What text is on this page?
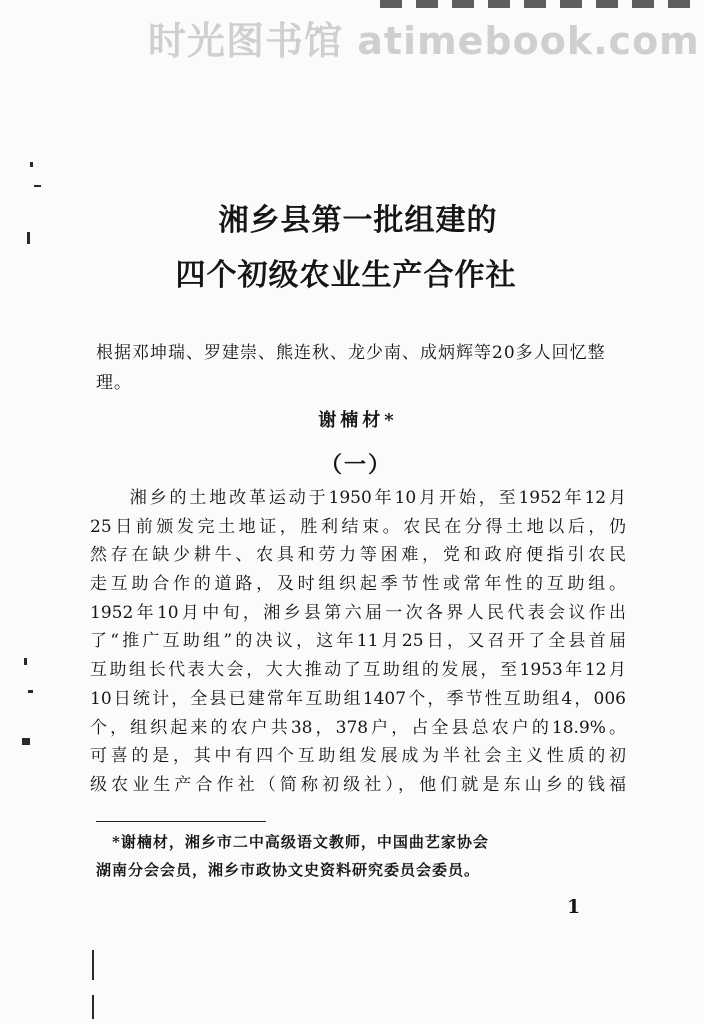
时光图书馆 atimebook.com
湘乡县第一批组建的
四个初级农业生产合作社

根据邓坤瑞、罗建崇、熊连秋、龙少南、成炳辉等20多人回忆整理。

谢楠材*
（一）
　　湘乡的土地改革运动于1950年10月开始，至1952年12月
25日前颁发完土地证，胜利结束。农民在分得土地以后，仍
然存在缺少耕牛、农具和劳力等困难，党和政府便指引农民
走互助合作的道路，及时组织起季节性或常年性的互助组。
1952年10月中旬，湘乡县第六届一次各界人民代表会议作出
了“推广互助组”的决议，这年11月25日，又召开了全县首届
互助组长代表大会，大大推动了互助组的发展，至1953年12月
10日统计，全县已建常年互助组1407个，季节性互助组4，006
个，组织起来的农户共38，378户，占全县总农户的18.9%。
可喜的是，其中有四个互助组发展成为半社会主义性质的初
级农业生产合作社（简称初级社），他们就是东山乡的钱福
　*谢楠材，湘乡市二中高级语文教师，中国曲艺家协会
湖南分会会员，湘乡市政协文史资料研究委员会委员。
1
